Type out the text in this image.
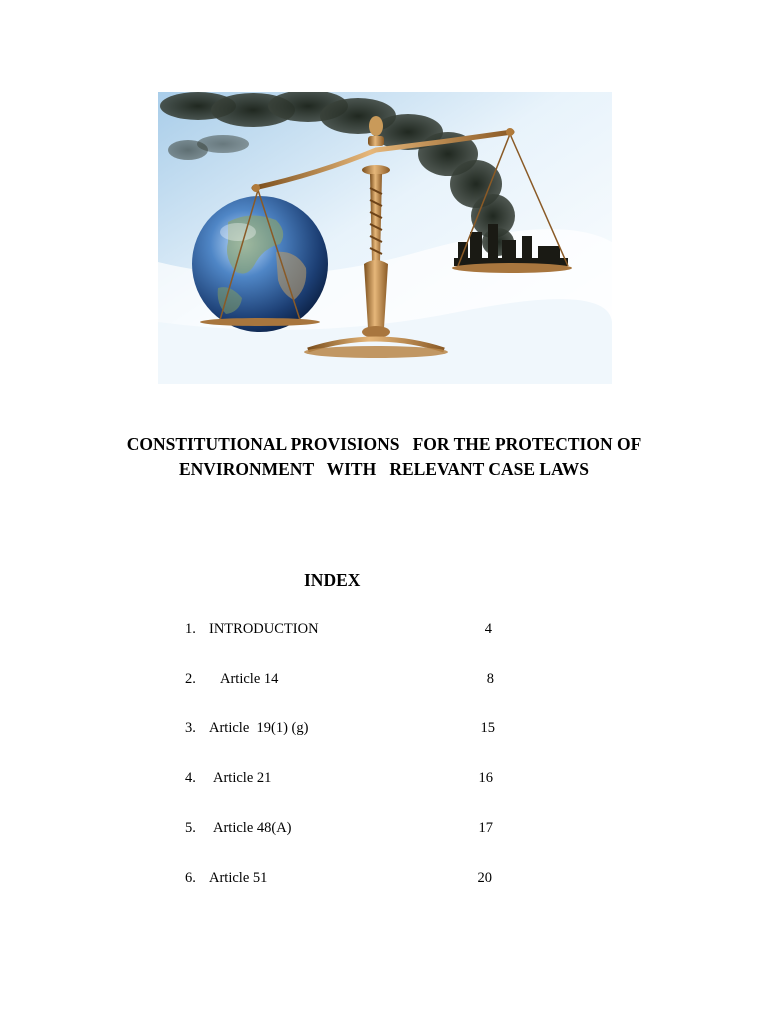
CONSTITUTIONAL PROVISIONS   FOR THE PROTECTION OF
ENVIRONMENT   WITH   RELEVANT CASE LAWS
INDEX
1. INTRODUCTION	4
2. Article 14	8
3. Article  19(1) (g)	15
4. Article 21	16
5. Article 48(A)	17
6. Article 51	20
